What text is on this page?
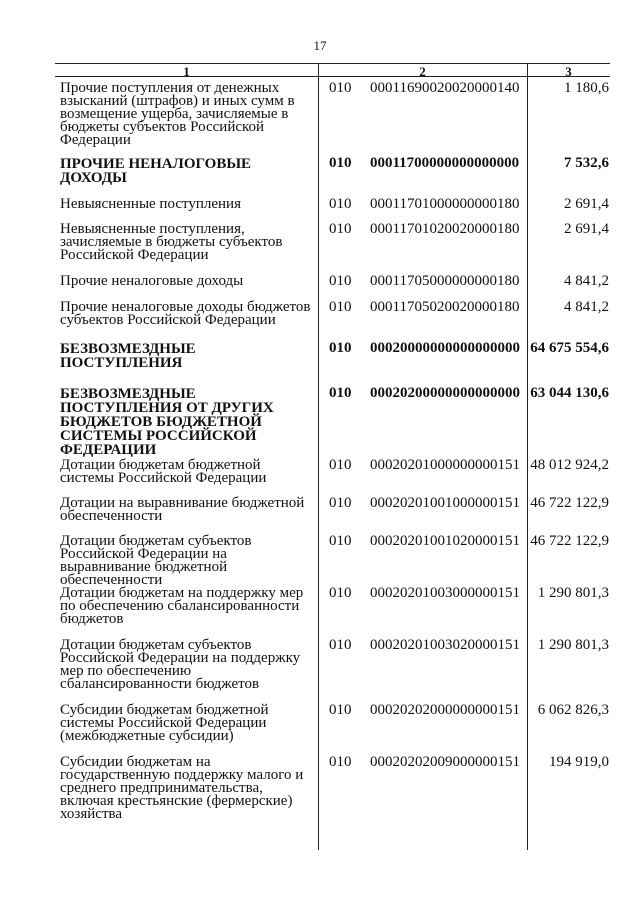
17
1	2	3
Прочие поступления от денежных взысканий (штрафов) и иных сумм в возмещение ущерба, зачисляемые в бюджеты субъектов Российской Федерации
010 00011690020020000140	1 180,6
ПРОЧИЕ НЕНАЛОГОВЫЕ ДОХОДЫ
010 00011700000000000000	7 532,6
Невыясненные поступления	010 00011701000000000180	2 691,4
Невыясненные поступления, зачисляемые в бюджеты субъектов Российской Федерации
010 00011701020020000180	2 691,4
Прочие неналоговые доходы	010 00011705000000000180	4 841,2
Прочие неналоговые доходы бюджетов субъектов Российской Федерации
010 00011705020020000180	4 841,2
БЕЗВОЗМЕЗДНЫЕ ПОСТУПЛЕНИЯ
010 00020000000000000000 64 675 554,6
БЕЗВОЗМЕЗДНЫЕ ПОСТУПЛЕНИЯ ОТ ДРУГИХ БЮДЖЕТОВ БЮДЖЕТНОЙ СИСТЕМЫ РОССИЙСКОЙ ФЕДЕРАЦИИ
010 00020200000000000000 63 044 130,6
Дотации бюджетам бюджетной системы Российской Федерации
010 00020201000000000151 48 012 924,2
Дотации на выравнивание бюджетной обеспеченности
010 00020201001000000151 46 722 122,9
Дотации бюджетам субъектов Российской Федерации на выравнивание бюджетной обеспеченности
010 00020201001020000151 46 722 122,9
Дотации бюджетам на поддержку мер по обеспечению сбалансированности бюджетов
010 00020201003000000151 1 290 801,3
Дотации бюджетам субъектов Российской Федерации на поддержку мер по обеспечению сбалансированности бюджетов
010 00020201003020000151 1 290 801,3
Субсидии бюджетам бюджетной системы Российской Федерации (межбюджетные субсидии)
010 00020202000000000151 6 062 826,3
Субсидии бюджетам на государственную поддержку малого и среднего предпринимательства, включая крестьянские (фермерские) хозяйства
010 00020202009000000151 194 919,0
